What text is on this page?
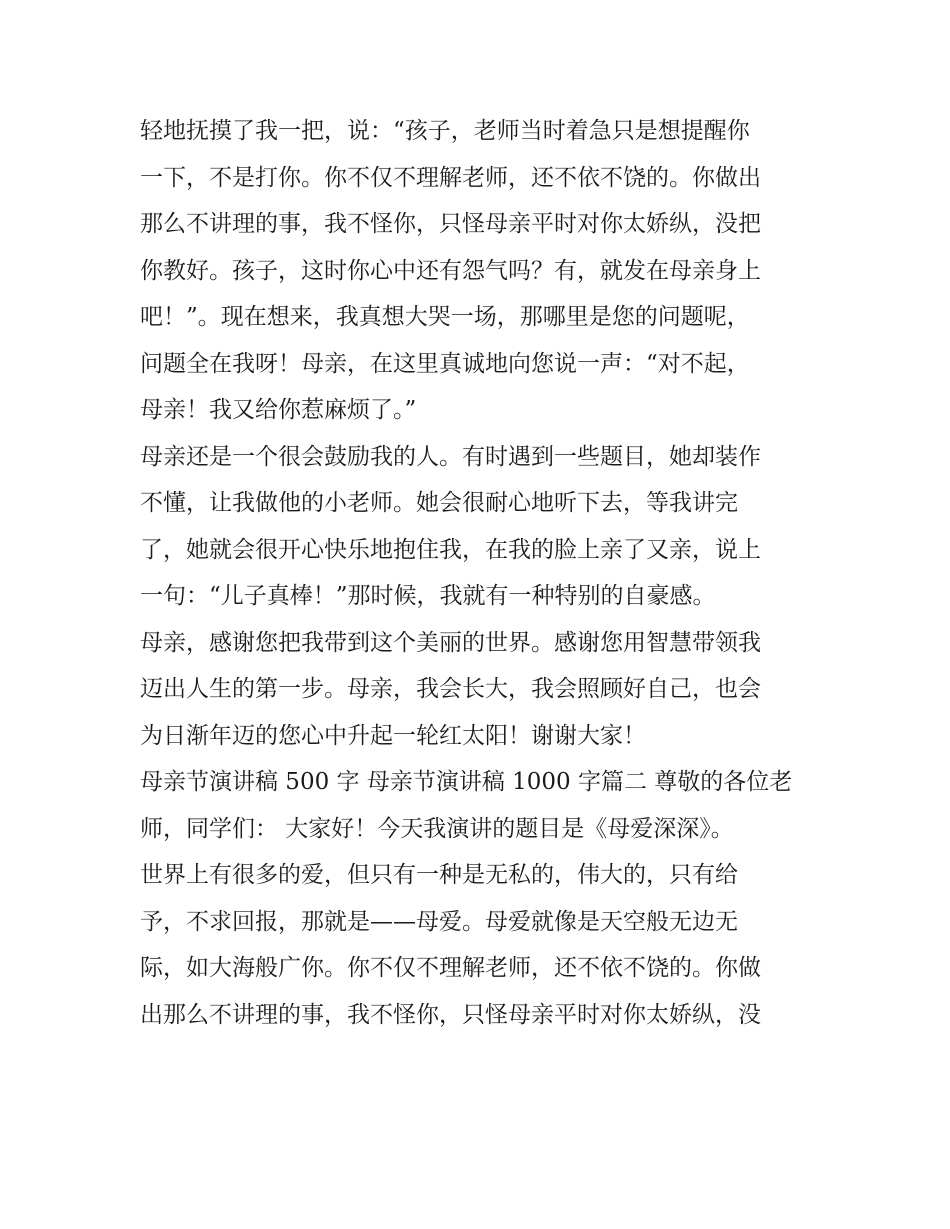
轻地抚摸了我一把，说：“孩子，老师当时着急只是想提醒你
一下，不是打你。你不仅不理解老师，还不依不饶的。你做出
那么不讲理的事，我不怪你，只怪母亲平时对你太娇纵，没把
你教好。孩子，这时你心中还有怨气吗？有，就发在母亲身上
吧！”。现在想来，我真想大哭一场，那哪里是您的问题呢，
问题全在我呀！母亲，在这里真诚地向您说一声：“对不起，
母亲！我又给你惹麻烦了。”
母亲还是一个很会鼓励我的人。有时遇到一些题目，她却装作
不懂，让我做他的小老师。她会很耐心地听下去，等我讲完
了，她就会很开心快乐地抱住我，在我的脸上亲了又亲，说上
一句：“儿子真棒！”那时候，我就有一种特别的自豪感。
母亲，感谢您把我带到这个美丽的世界。感谢您用智慧带领我
迈出人生的第一步。母亲，我会长大，我会照顾好自己，也会
为日渐年迈的您心中升起一轮红太阳！谢谢大家！
母亲节演讲稿 500 字 母亲节演讲稿 1000 字篇二 尊敬的各位老
师，同学们： 大家好！今天我演讲的题目是《母爱深深》。
世界上有很多的爱，但只有一种是无私的，伟大的，只有给
予，不求回报，那就是——母爱。母爱就像是天空般无边无
际，如大海般广你。你不仅不理解老师，还不依不饶的。你做
出那么不讲理的事，我不怪你，只怪母亲平时对你太娇纵，没
